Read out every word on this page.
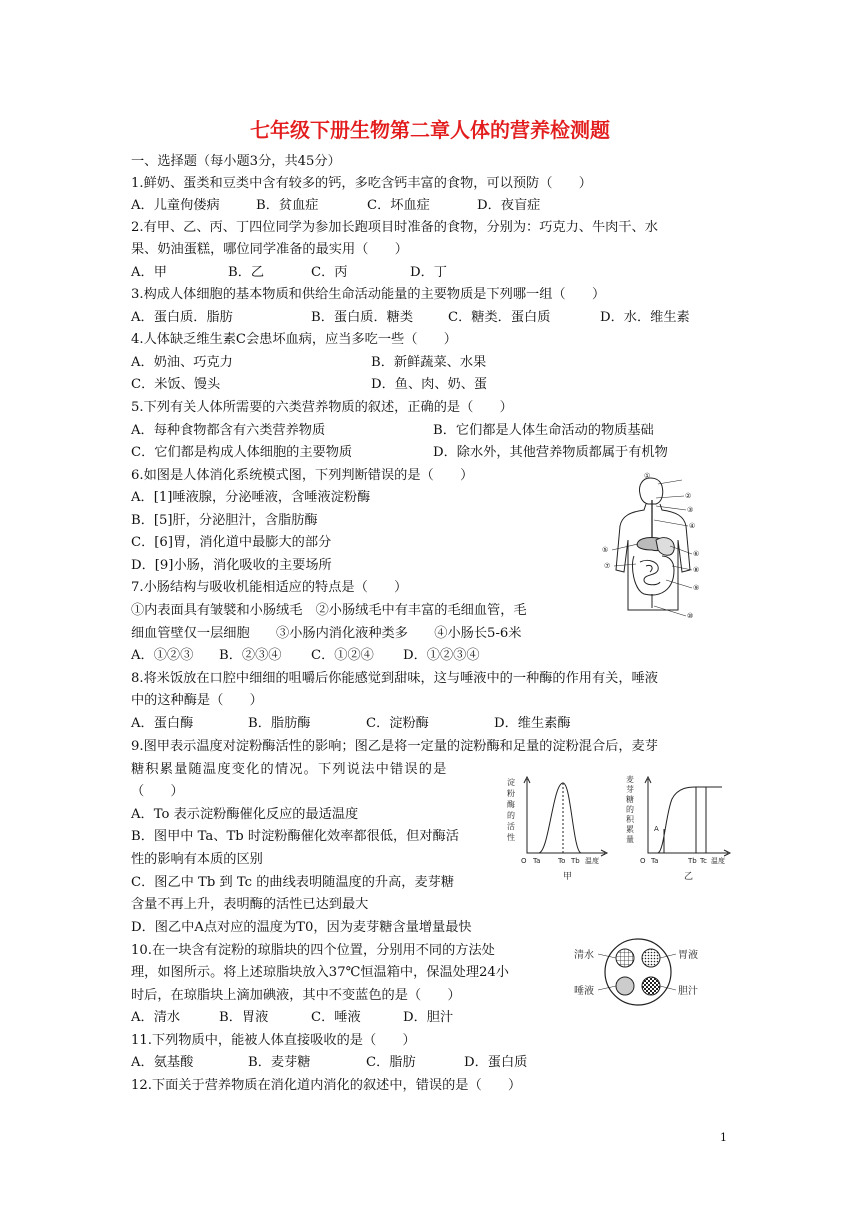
七年级下册生物第二章人体的营养检测题
一、选择题（每小题3分，共45分）
1.鲜奶、蛋类和豆类中含有较多的钙，多吃含钙丰富的食物，可以预防（　　）
A．儿童佝偻病	B．贫血症	C．坏血症	D．夜盲症
2.有甲、乙、丙、丁四位同学为参加长跑项目时准备的食物，分别为：巧克力、牛肉干、水
果、奶油蛋糕，哪位同学准备的最实用（　　）
A．甲	B．乙	C．丙	D．丁
3.构成人体细胞的基本物质和供给生命活动能量的主要物质是下列哪一组（　　）
A．蛋白质．脂肪	B．蛋白质．糖类	C．糖类．蛋白质	D．水．维生素
4.人体缺乏维生素C会患坏血病，应当多吃一些（　　）
A．奶油、巧克力	B．新鲜蔬菜、水果
C．米饭、馒头	D．鱼、肉、奶、蛋
5.下列有关人体所需要的六类营养物质的叙述，正确的是（　　）
A．每种食物都含有六类营养物质	B．它们都是人体生命活动的物质基础
C．它们都是构成人体细胞的主要物质	D．除水外，其他营养物质都属于有机物
6.如图是人体消化系统模式图，下列判断错误的是（　　）
A．[1]唾液腺，分泌唾液，含唾液淀粉酶
B．[5]肝，分泌胆汁，含脂肪酶
C．[6]胃，消化道中最膨大的部分
D．[9]小肠，消化吸收的主要场所
①
②
③
④
⑤	⑥
⑦	⑧
⑨
⑩
7.小肠结构与吸收机能相适应的特点是（　　）
①内表面具有皱襞和小肠绒毛　②小肠绒毛中有丰富的毛细血管，毛
细血管壁仅一层细胞　　③小肠内消化液种类多　　④小肠长5-6米
A．①②③ B．②③④ C．①②④ D．①②③④
8.将米饭放在口腔中细细的咀嚼后你能感觉到甜味，这与唾液中的一种酶的作用有关，唾液
中的这种酶是（　　）
A．蛋白酶	B．脂肪酶	C．淀粉酶	D．维生素酶
9.图甲表示温度对淀粉酶活性的影响；图乙是将一定量的淀粉酶和足量的淀粉混合后，麦芽
糖积累量随温度变化的情况。下列说法中错误的是
（　　）
A．To 表示淀粉酶催化反应的最适温度
B．图甲中 Ta、Tb 时淀粉酶催化效率都很低，但对酶活
性的影响有本质的区别
C．图乙中 Tb 到 Tc 的曲线表明随温度的升高，麦芽糖
含量不再上升，表明酶的活性已达到最大
D．图乙中A点对应的温度为T0，因为麦芽糖含量增量最快
淀
粉
酶
的
活
性
O Ta	To Tb 温度
甲
麦
芽
糖
的
积
累
量
A
O Ta	Tb Tc 温度
乙
10.在一块含有淀粉的琼脂块的四个位置，分别用不同的方法处
理，如图所示。将上述琼脂块放入37℃恒温箱中，保温处理24小
时后，在琼脂块上滴加碘液，其中不变蓝色的是（　　）
A．清水	B．胃液	C．唾液	D．胆汁
清水	胃液
唾液	胆汁
11.下列物质中，能被人体直接吸收的是（　　）
A．氨基酸	B．麦芽糖	C．脂肪	D．蛋白质
12.下面关于营养物质在消化道内消化的叙述中，错误的是（　　）
1
